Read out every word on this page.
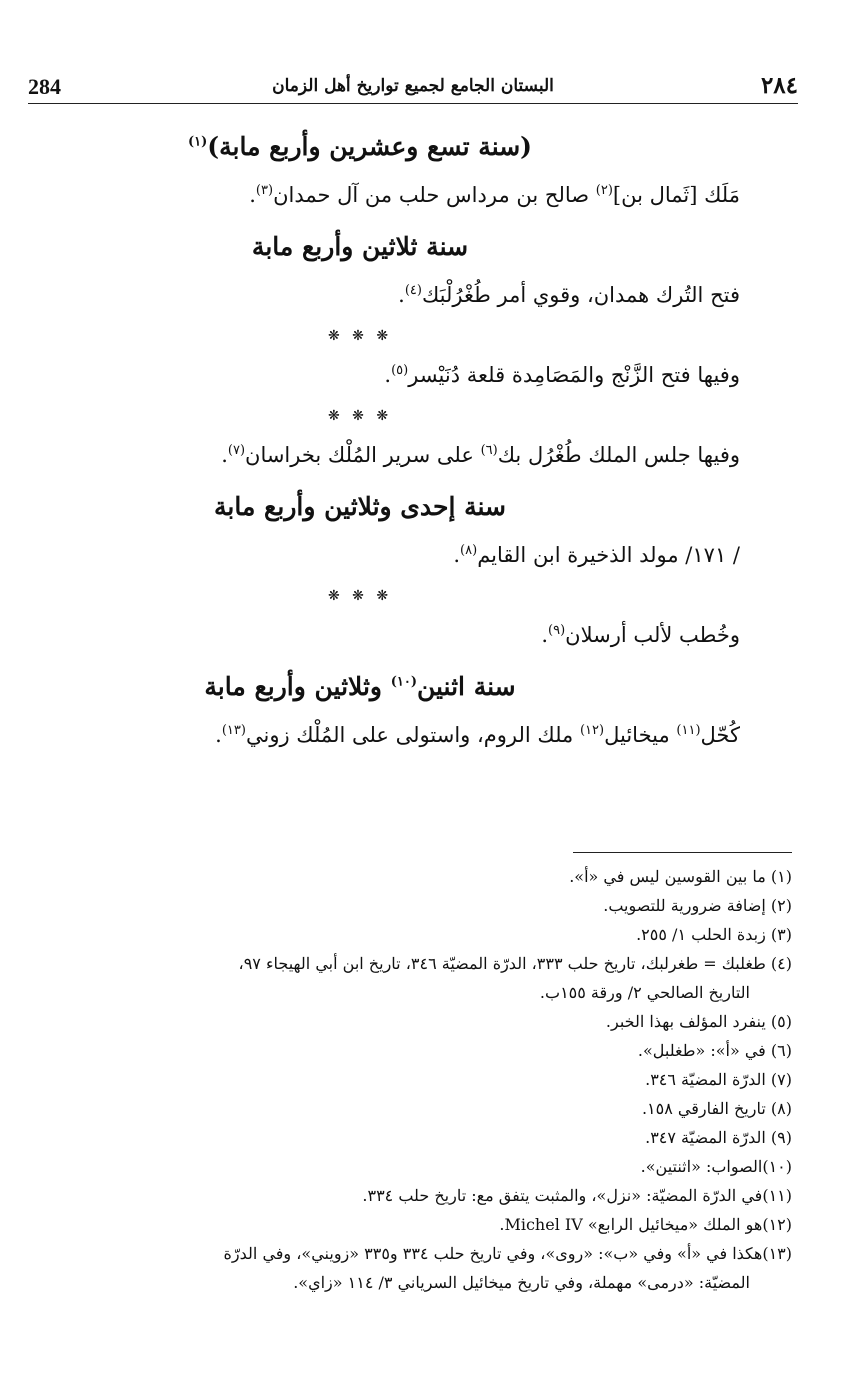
284	البستان الجامع لجميع تواريخ أهل الزمان	٢٨٤
(سنة تسع وعشرين وأربع مابة)$^{(١)}$

مَلَك [ثَمال بن]$^{(٢)}$ صالح بن مرداس حلب من آل حمدان$^{(٣)}$.

سنة ثلاثين وأربع مابة

فتح التُرك همدان، وقوي أمر طُغْرُلْبَك$^{(٤)}$.

❋ ❋ ❋

وفيها فتح الزَّنْج والمَصَامِدة قلعة دُنَيْسر$^{(٥)}$.

❋ ❋ ❋

وفيها جلس الملك طُغْرُل بك$^{(٦)}$ على سرير المُلْك بخراسان$^{(٧)}$.

سنة إحدى وثلاثين وأربع مابة

/ ١٧١/ مولد الذخيرة ابن القايم$^{(٨)}$.

❋ ❋ ❋

وخُطب لألب أرسلان$^{(٩)}$.

سنة اثنين$^{(١٠)}$ وثلاثين وأربع مابة

كُحّل$^{(١١)}$ ميخائيل$^{(١٢)}$ ملك الروم، واستولى على المُلْك زوني$^{(١٣)}$.

(١) ما بين القوسين ليس في «أ».

(٢) إضافة ضرورية للتصويب.

(٣) زبدة الحلب ١/ ٢٥٥.

(٤) طغلبك = طغرلبك، تاريخ حلب ٣٣٣، الدرّة المضيّة ٣٤٦، تاريخ ابن أبي الهيجاء ٩٧،

التاريخ الصالحي ٢/ ورقة ١٥٥ب.

(٥) ينفرد المؤلف بهذا الخبر.

(٦) في «أ»: «طغلبل».

(٧) الدرّة المضيّة ٣٤٦.

(٨) تاريخ الفارقي ١٥٨.

(٩) الدرّة المضيّة ٣٤٧.

(١٠)الصواب: «اثنتين».

(١١)في الدرّة المضيّة: «نزل»، والمثبت يتفق مع: تاريخ حلب ٣٣٤.

(١٢)هو الملك «ميخائيل الرابع» Michel IV.

(١٣)هكذا في «أ» وفي «ب»: «روى»، وفي تاريخ حلب ٣٣٤ و٣٣٥ «زويني»، وفي الدرّة

المضيّة: «درمى» مهملة، وفي تاريخ ميخائيل السرياني ٣/ ١١٤ «زاي».
